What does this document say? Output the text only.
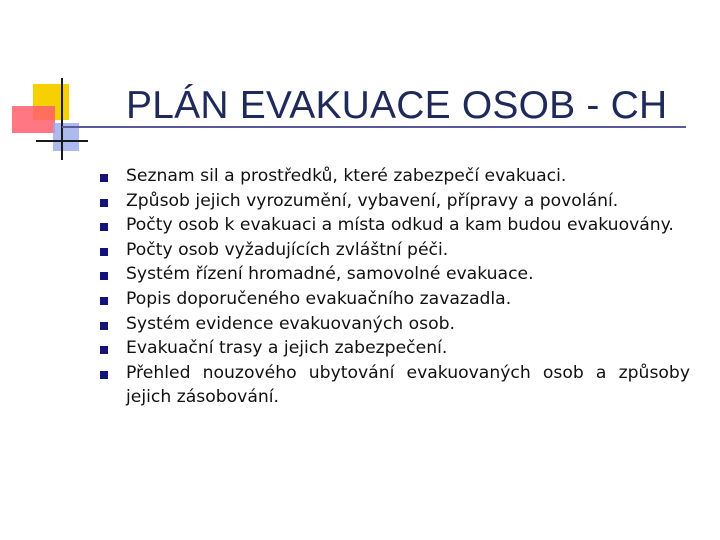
PLÁN EVAKUACE OSOB - CH
Seznam sil a prostředků, které zabezpečí evakuaci.
Způsob jejich vyrozumění, vybavení, přípravy a povolání.
Počty osob k evakuaci a místa odkud a kam budou evakuovány.
Počty osob vyžadujících zvláštní péči.
Systém řízení hromadné, samovolné evakuace.
Popis doporučeného evakuačního zavazadla.
Systém evidence evakuovaných osob.
Evakuační trasy a jejich zabezpečení.
Přehled nouzového ubytování evakuovaných osob a způsoby jejich zásobování.
